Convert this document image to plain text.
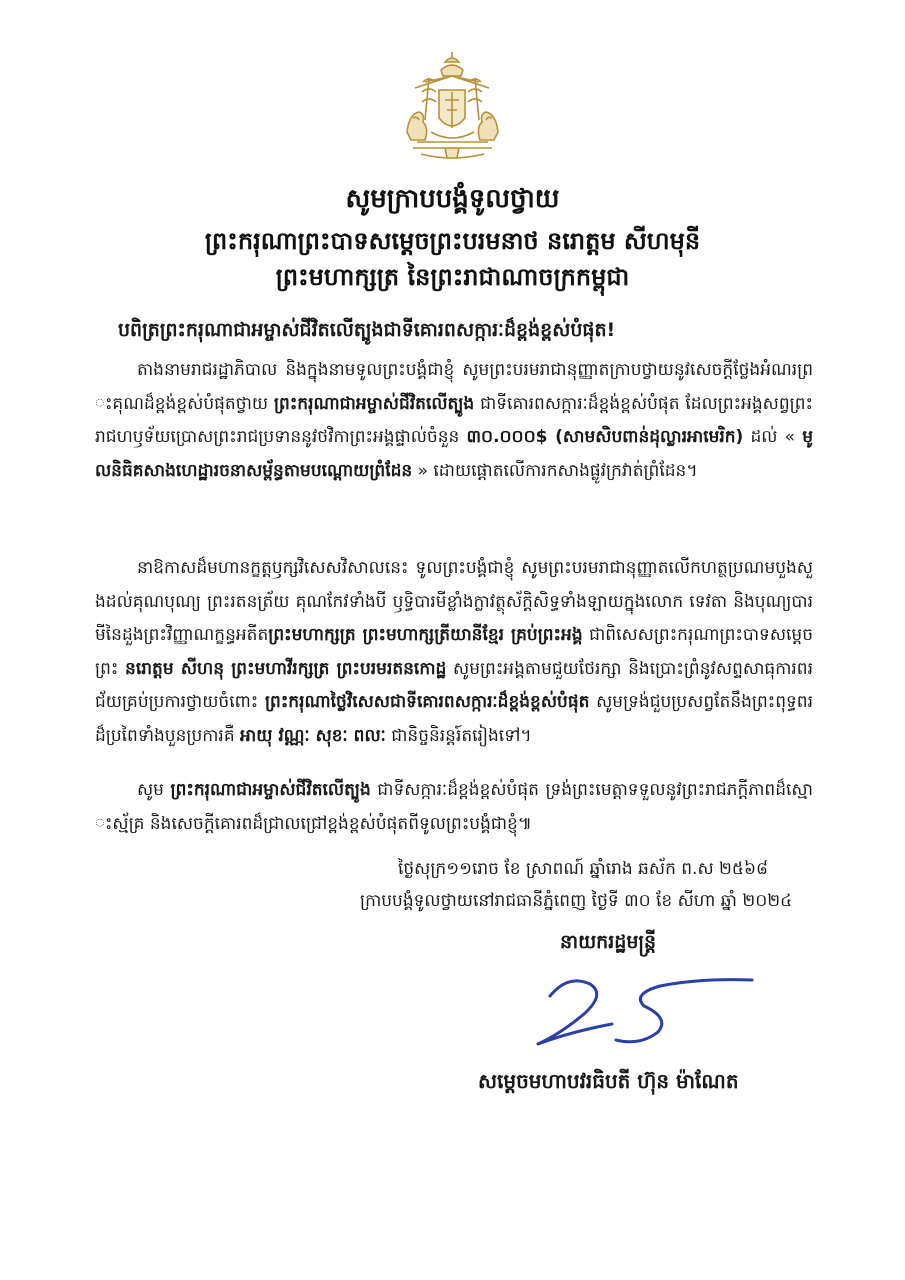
សូមក្រាបបង្គំទូលថ្វាយ
ព្រះករុណាព្រះបាទសម្តេចព្រះបរមនាថ នរោត្តម សីហមុនី
ព្រះមហាក្សត្រ នៃព្រះរាជាណាចក្រកម្ពុជា
បពិត្រព្រះករុណាជាអម្ចាស់ជីវិតលើត្បូងជាទីគោរពសក្ការៈដ៏ខ្ពង់ខ្ពស់បំផុត!

តាងនាមរាជរដ្ឋាភិបាល និងក្នុងនាមទូលព្រះបង្គំជាខ្ញុំ សូមព្រះបរមរាជានុញ្ញាតក្រាបថ្វាយនូវសេចក្តីថ្លែងអំណរព្រះគុណដ៏ខ្ពង់ខ្ពស់បំផុតថ្វាយ ព្រះករុណាជាអម្ចាស់ជីវិតលើត្បូង ជាទីគោរពសក្ការៈដ៏ខ្ពង់ខ្ពស់បំផុត ដែលព្រះអង្គសព្វព្រះរាជហឫទ័យប្រោសព្រះរាជប្រទាននូវថវិកាព្រះអង្គផ្ទាល់ចំនួន ៣០.០០០$ (សាមសិបពាន់ដុល្លារអាមេរិក) ដល់ « មូលនិធិគសាងហេដ្ឋារចនាសម្ព័ន្ធតាមបណ្តោយព្រំដែន » ដោយផ្តោតលើការកសាងផ្លូវក្រវាត់ព្រំដែន។

នាឱកាសដ៏មហានក្ខត្តឫក្សវិសេសវិសាលនេះ ទូលព្រះបង្គំជាខ្ញុំ សូមព្រះបរមរាជានុញ្ញាតលើកហត្ថប្រណមបួងសួងដល់គុណបុណ្យ ព្រះរតនត្រ័យ គុណកែវទាំងបី ឫទ្ធិបារមីខ្លាំងក្លាវត្ថុស័ក្តិសិទ្ធទាំងឡាយក្នុងលោក ទេវតា និងបុណ្យបារមីនៃដួងព្រះវិញ្ញាណក្ខន្ធអតីតព្រះមហាក្សត្រ ព្រះមហាក្សត្រីយានីខ្មែរ គ្រប់ព្រះអង្គ ជាពិសេសព្រះករុណាព្រះបាទសម្តេចព្រះ នរោត្តម សីហនុ ព្រះមហាវីរក្សត្រ ព្រះបរមរតនកោដ្ឋ សូមព្រះអង្គតាមជួយថែរក្សា និងប្រោះព្រំនូវសព្ទសាធុការពរជ័យគ្រប់ប្រការថ្វាយចំពោះ ព្រះករុណាថ្លៃវិសេសជាទីគោរពសក្ការៈដ៏ខ្ពង់ខ្ពស់បំផុត សូមទ្រង់ជួបប្រសព្វតែនឹងព្រះពុទ្ធពរដ៏ប្រពៃទាំងបួនប្រការគឺ អាយុ វណ្ណៈ សុខៈ ពលៈ ជានិច្ចនិរន្តរ៍តរៀងទៅ។

សូម ព្រះករុណាជាអម្ចាស់ជីវិតលើត្បូង ជាទីសក្ការៈដ៏ខ្ពង់ខ្ពស់បំផុត ទ្រង់ព្រះមេត្តាទទួលនូវព្រះរាជភក្តីភាពដ៏ស្មោះស្ម័គ្រ និងសេចក្តីគោរពដ៏ជ្រាលជ្រៅខ្ពង់ខ្ពស់បំផុតពីទូលព្រះបង្គំជាខ្ញុំ៕

ថ្ងៃសុក្រ១១រោច ខែ ស្រាពណ៍ ឆ្នាំរោង ឆស័ក ព.ស ២៥៦៨
ក្រាបបង្គំទូលថ្វាយនៅរាជធានីភ្នំពេញ ថ្ងៃទី ៣០ ខែ សីហា ឆ្នាំ ២០២៤
នាយករដ្ឋមន្ត្រី
សម្តេចមហាបវរធិបតី ហ៊ុន ម៉ាណែត
